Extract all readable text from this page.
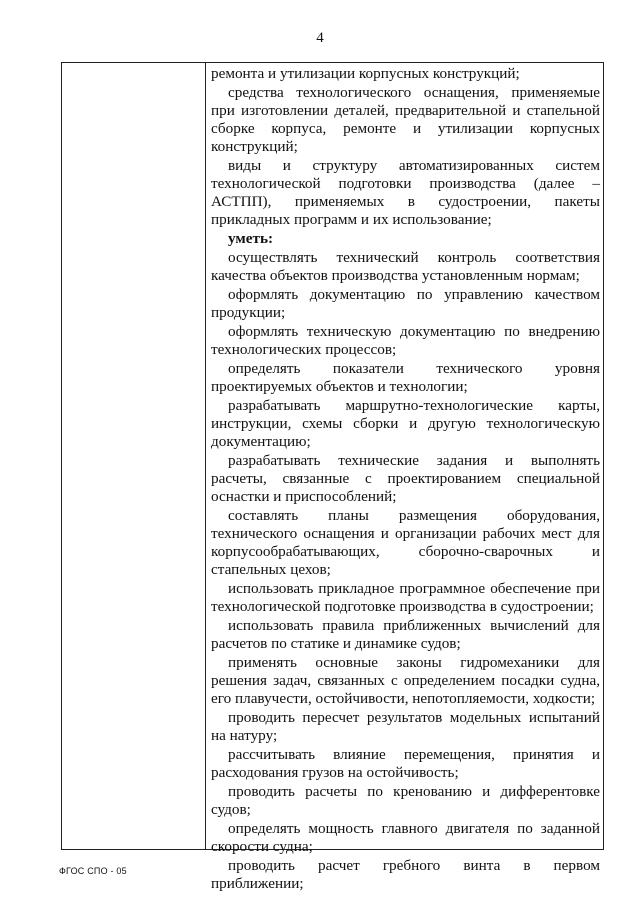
4

ремонта и утилизации корпусных конструкций;

средства технологического оснащения, применяемые при изготовлении деталей, предварительной и стапельной сборке корпуса, ремонте и утилизации корпусных конструкций;

виды и структуру автоматизированных систем технологической подготовки производства (далее – АСТПП), применяемых в судостроении, пакеты прикладных программ и их использование;

уметь:

осуществлять технический контроль соответствия качества объектов производства установленным нормам;

оформлять документацию по управлению качеством продукции;

оформлять техническую документацию по внедрению технологических процессов;

определять показатели технического уровня проектируемых объектов и технологии;

разрабатывать маршрутно-технологические карты, инструкции, схемы сборки и другую технологическую документацию;

разрабатывать технические задания и выполнять расчеты, связанные с проектированием специальной оснастки и приспособлений;

составлять планы размещения оборудования, технического оснащения и организации рабочих мест для корпусообрабатывающих, сборочно-сварочных и стапельных цехов;

использовать прикладное программное обеспечение при технологической подготовке производства в судостроении;

использовать правила приближенных вычислений для расчетов по статике и динамике судов;

применять основные законы гидромеханики для решения задач, связанных с определением посадки судна, его плавучести, остойчивости, непотопляемости, ходкости;

проводить пересчет результатов модельных испытаний на натуру;

рассчитывать влияние перемещения, принятия и расходования грузов на остойчивость;

проводить расчеты по кренованию и дифферентовке судов;

определять мощность главного двигателя по заданной скорости судна;

проводить расчет гребного винта в первом приближении;

ФГОС СПО - 05
